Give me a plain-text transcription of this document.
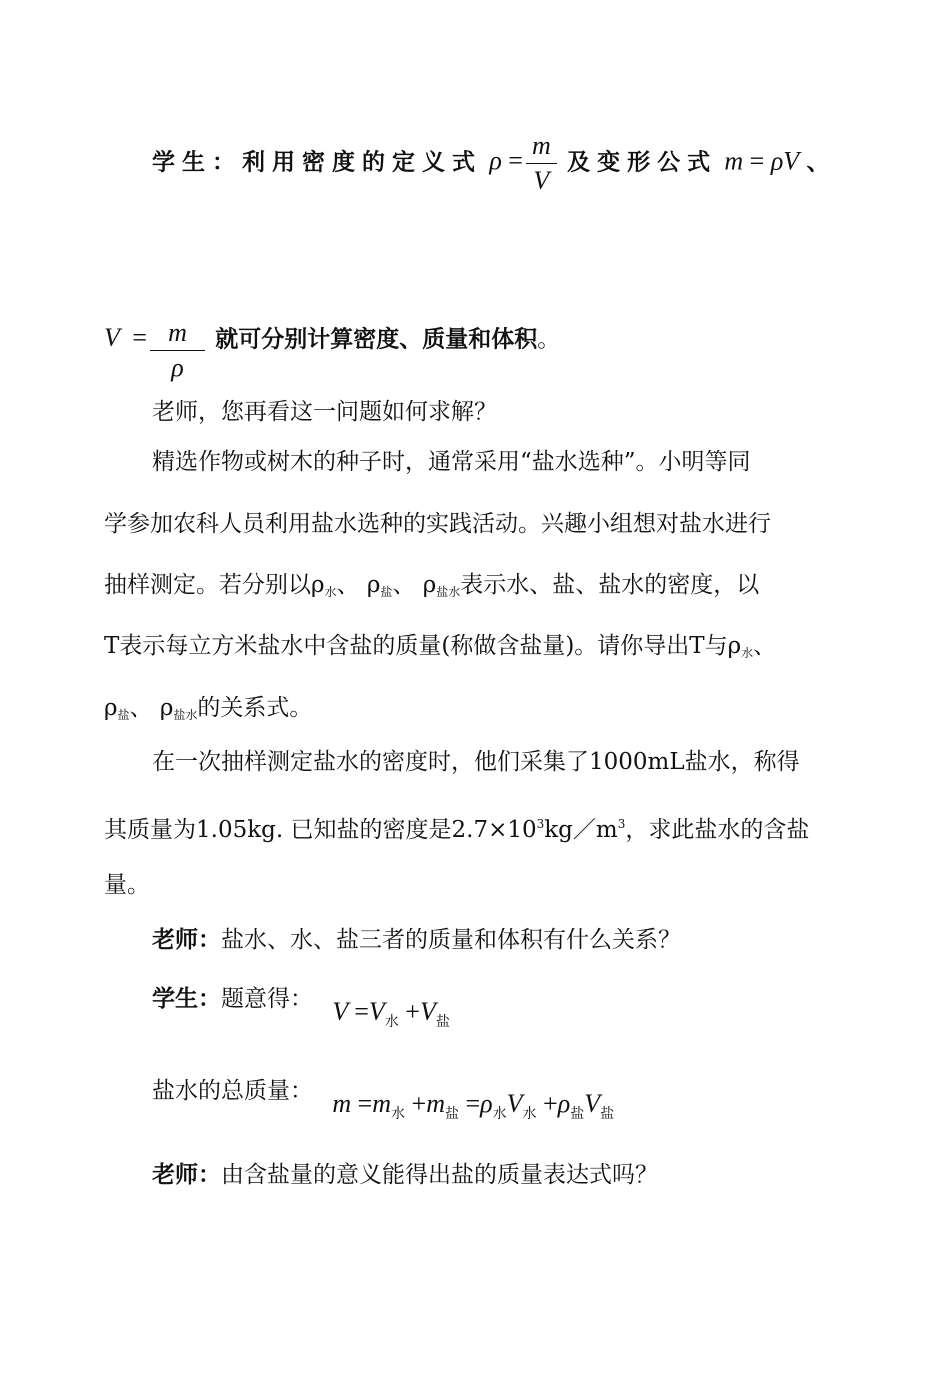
学生：利用密度的定义式 $\rho = \frac{m}{V}$ 及变形公式 m = ρV 、
$V = \frac{m}{\rho}$ 就可分别计算密度、质量和体积。
老师，您再看这一问题如何求解？
精选作物或树木的种子时，通常采用“盐水选种”。小明等同
学参加农科人员利用盐水选种的实践活动。兴趣小组想对盐水进行
抽样测定。若分别以ρ水、 ρ盐、 ρ盐水表示水、盐、盐水的密度，以
T表示每立方米盐水中含盐的质量(称做含盐量)。请你导出T与ρ水、
ρ盐、 ρ盐水的关系式。
在一次抽样测定盐水的密度时，他们采集了1000mL盐水，称得
其质量为1.05kg. 已知盐的密度是$2.7\times 10^3kg/m^3$，求此盐水的含盐
量。
老师：盐水、水、盐三者的质量和体积有什么关系？
学生：题意得： $V =V_水 +V_盐$
盐水的总质量： $m =m_水 +m_盐 =\rho_水V_水 +\rho_盐V_盐$
老师：由含盐量的意义能得出盐的质量表达式吗？
